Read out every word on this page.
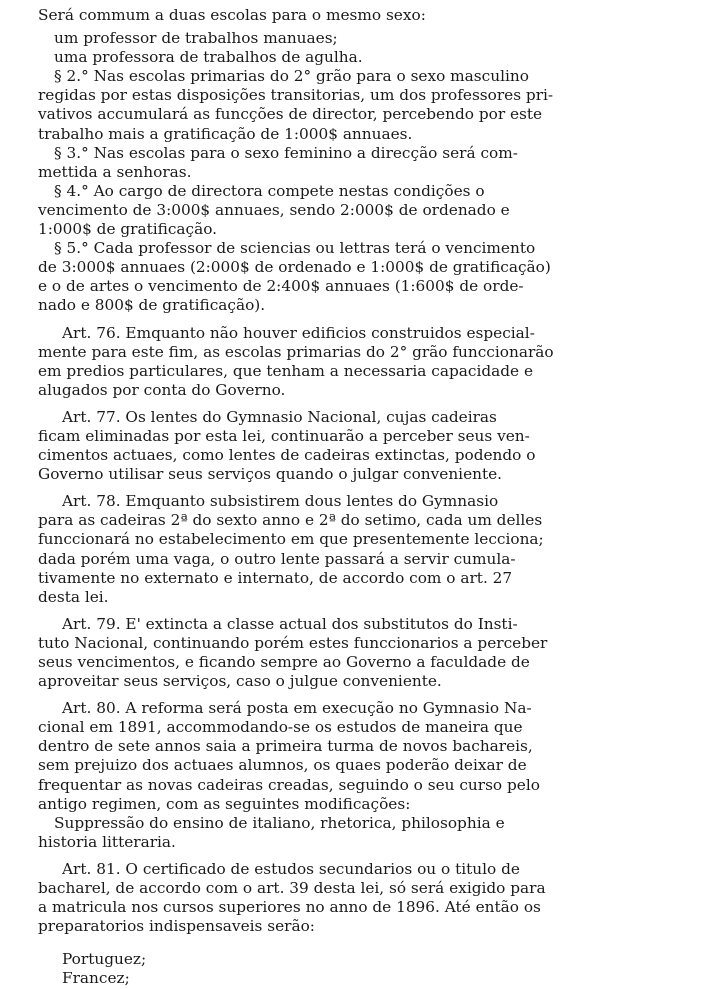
Será commum a duas escolas para o mesmo sexo:
um professor de trabalhos manuaes;
uma professora de trabalhos de agulha.
§ 2.° Nas escolas primarias do 2° grão para o sexo masculino
regidas por estas disposições transitorias, um dos professores pri-
vativos accumulará as funcções de director, percebendo por este
trabalho mais a gratificação de 1:000$ annuaes.
§ 3.° Nas escolas para o sexo feminino a direcção será com-
mettida a senhoras.
§ 4.° Ao cargo de directora compete nestas condições o
vencimento de 3:000$ annuaes, sendo 2:000$ de ordenado e
1:000$ de gratificação.
§ 5.° Cada professor de sciencias ou lettras terá o vencimento
de 3:000$ annuaes (2:000$ de ordenado e 1:000$ de gratificação)
e o de artes o vencimento de 2:400$ annuaes (1:600$ de orde-
nado e 800$ de gratificação).
Art. 76. Emquanto não houver edificios construidos especial-
mente para este fim, as escolas primarias do 2° grão funccionarão
em predios particulares, que tenham a necessaria capacidade e
alugados por conta do Governo.
Art. 77. Os lentes do Gymnasio Nacional, cujas cadeiras
ficam eliminadas por esta lei, continuarão a perceber seus ven-
cimentos actuaes, como lentes de cadeiras extinctas, podendo o
Governo utilisar seus serviços quando o julgar conveniente.
Art. 78. Emquanto subsistirem dous lentes do Gymnasio
para as cadeiras 2ª do sexto anno e 2ª do setimo, cada um delles
funccionará no estabelecimento em que presentemente lecciona;
dada porém uma vaga, o outro lente passará a servir cumula-
tivamente no externato e internato, de accordo com o art. 27
desta lei.
Art. 79. E' extincta a classe actual dos substitutos do Insti-
tuto Nacional, continuando porém estes funccionarios a perceber
seus vencimentos, e ficando sempre ao Governo a faculdade de
aproveitar seus serviços, caso o julgue conveniente.
Art. 80. A reforma será posta em execução no Gymnasio Na-
cional em 1891, accommodando-se os estudos de maneira que
dentro de sete annos saia a primeira turma de novos bachareis,
sem prejuizo dos actuaes alumnos, os quaes poderão deixar de
frequentar as novas cadeiras creadas, seguindo o seu curso pelo
antigo regimen, com as seguintes modificações:
Suppressão do ensino de italiano, rhetorica, philosophia e
historia litteraria.
Art. 81. O certificado de estudos secundarios ou o titulo de
bacharel, de accordo com o art. 39 desta lei, só será exigido para
a matricula nos cursos superiores no anno de 1896. Até então os
preparatorios indispensaveis serão:
Portuguez;
Francez;
